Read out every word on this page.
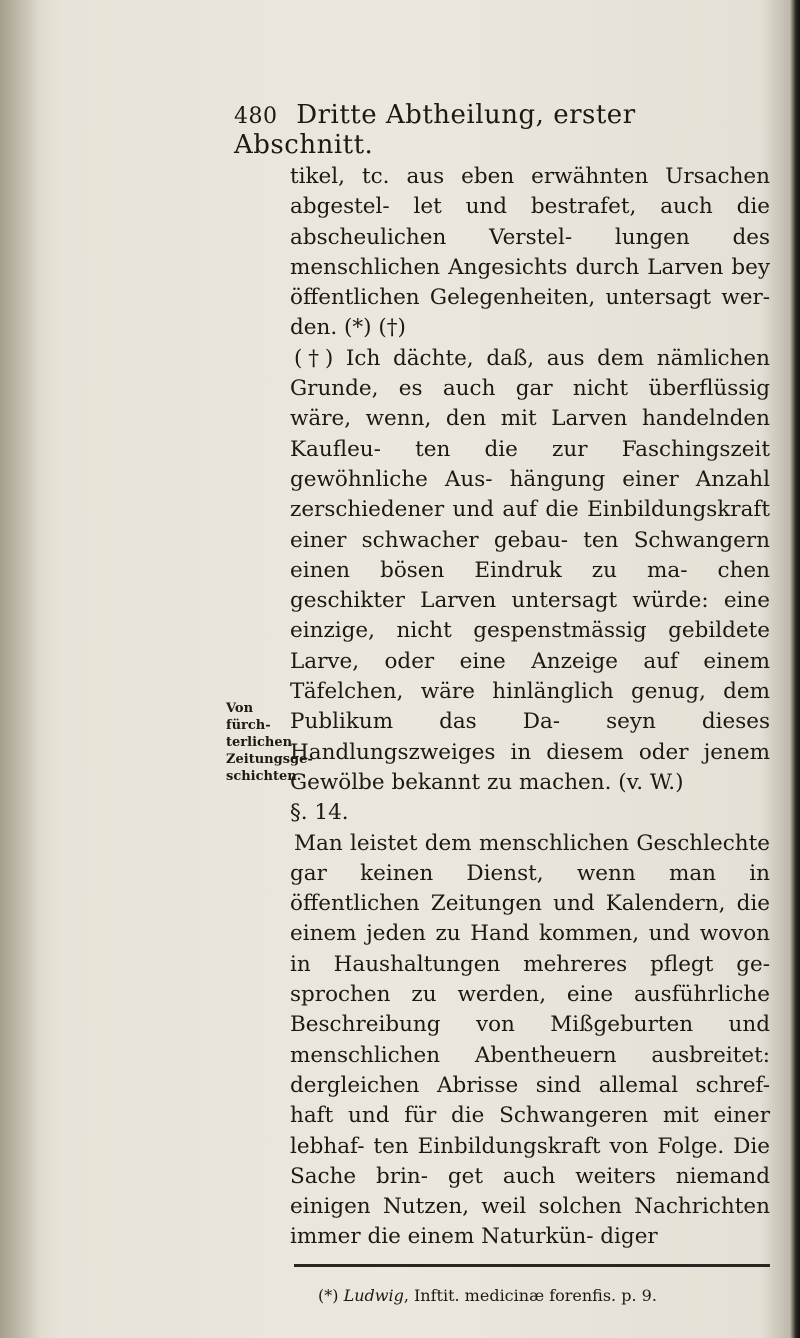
480 Dritte Abtheilung, erster Abschnitt.

tikel, tc. aus eben erwähnten Ursachen abgestel- let und bestrafet, auch die abscheulichen Verstel- lungen des menschlichen Angesichts durch Larven bey öffentlichen Gelegenheiten, untersagt wer- den. (*) (†)

(†) Ich dächte, daß, aus dem nämlichen Grunde, es auch gar nicht überflüssig wäre, wenn, den mit Larven handelnden Kaufleu- ten die zur Faschingszeit gewöhnliche Aus- hängung einer Anzahl zerschiedener und auf die Einbildungskraft einer schwacher gebau- ten Schwangern einen bösen Eindruk zu ma- chen geschikter Larven untersagt würde: eine einzige, nicht gespenstmässig gebildete Larve, oder eine Anzeige auf einem Täfelchen, wäre hinlänglich genug, dem Publikum das Da- seyn dieses Handlungszweiges in diesem oder jenem Gewölbe bekannt zu machen. (v. W.)

§. 14.

Man leistet dem menschlichen Geschlechte gar keinen Dienst, wenn man in öffentlichen Zeitungen und Kalendern, die einem jeden zu Hand kommen, und wovon in Haushaltungen mehreres pflegt ge- sprochen zu werden, eine ausführliche Beschreibung von Mißgeburten und menschlichen Abentheuern ausbreitet: dergleichen Abrisse sind allemal schref- haft und für die Schwangeren mit einer lebhaf- ten Einbildungskraft von Folge. Die Sache brin- get auch weiters niemand einigen Nutzen, weil solchen Nachrichten immer die einem Naturkün- diger

Von fürch- terlichen Zeitungsge- schichten.
(*) Ludwig, Inftit. medicinæ forenfis. p. 9.
